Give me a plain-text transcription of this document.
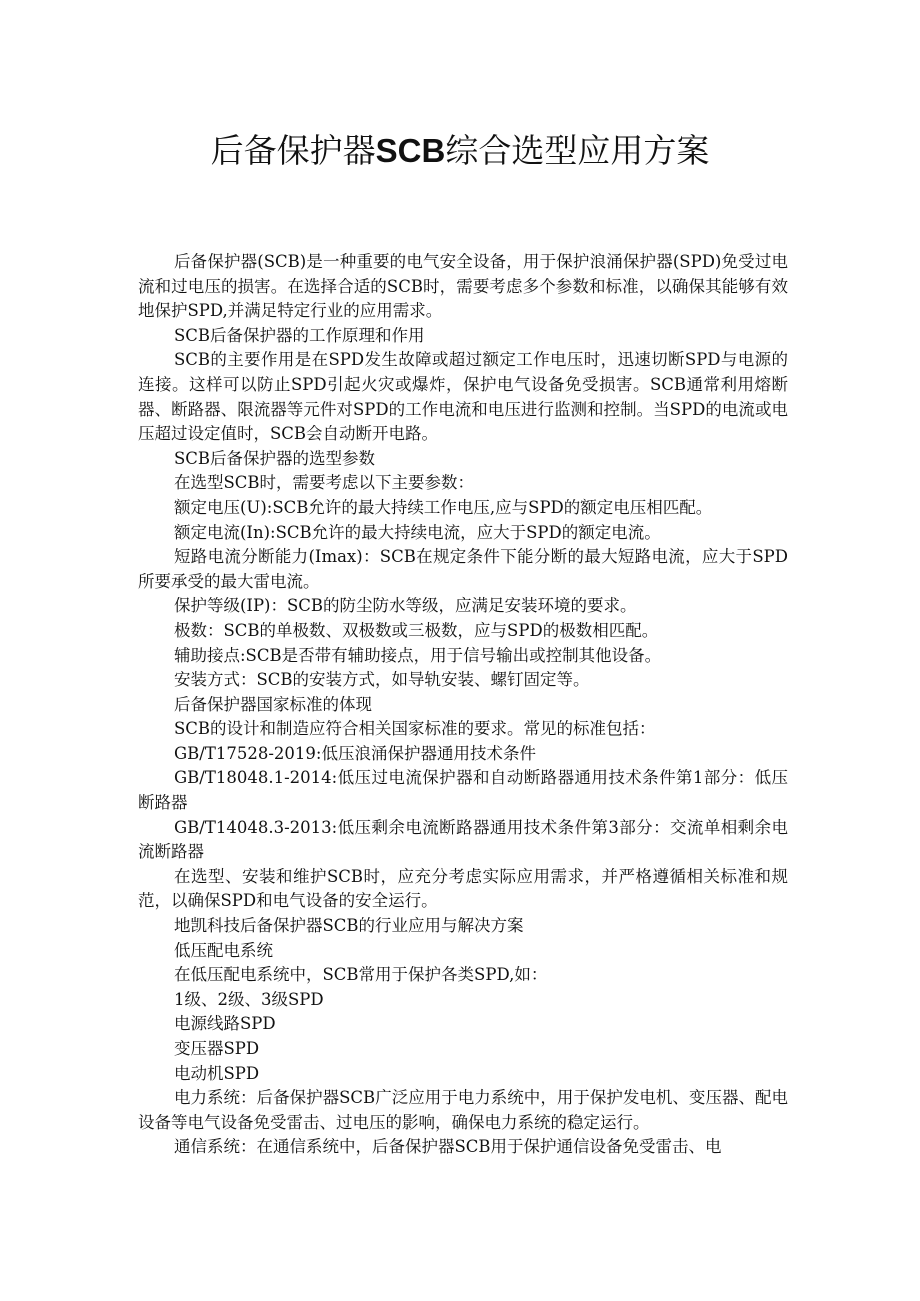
后备保护器SCB综合选型应用方案

后备保护器(SCB)是一种重要的电气安全设备，用于保护浪涌保护器(SPD)免受过电流和过电压的损害。在选择合适的SCB时，需要考虑多个参数和标准，以确保其能够有效地保护SPD,并满足特定行业的应用需求。

SCB后备保护器的工作原理和作用

SCB的主要作用是在SPD发生故障或超过额定工作电压时，迅速切断SPD与电源的连接。这样可以防止SPD引起火灾或爆炸，保护电气设备免受损害。SCB通常利用熔断器、断路器、限流器等元件对SPD的工作电流和电压进行监测和控制。当SPD的电流或电压超过设定值时，SCB会自动断开电路。

SCB后备保护器的选型参数

在选型SCB时，需要考虑以下主要参数：

额定电压(U):SCB允许的最大持续工作电压,应与SPD的额定电压相匹配。

额定电流(In):SCB允许的最大持续电流，应大于SPD的额定电流。

短路电流分断能力(Imax)：SCB在规定条件下能分断的最大短路电流，应大于SPD所要承受的最大雷电流。

保护等级(IP)：SCB的防尘防水等级，应满足安装环境的要求。

极数：SCB的单极数、双极数或三极数，应与SPD的极数相匹配。

辅助接点:SCB是否带有辅助接点，用于信号输出或控制其他设备。

安装方式：SCB的安装方式，如导轨安装、螺钉固定等。

后备保护器国家标准的体现

SCB的设计和制造应符合相关国家标准的要求。常见的标准包括：

GB/T17528-2019:低压浪涌保护器通用技术条件

GB/T18048.1-2014:低压过电流保护器和自动断路器通用技术条件第1部分：低压断路器

GB/T14048.3-2013:低压剩余电流断路器通用技术条件第3部分：交流单相剩余电流断路器

在选型、安装和维护SCB时，应充分考虑实际应用需求，并严格遵循相关标准和规范，以确保SPD和电气设备的安全运行。

地凯科技后备保护器SCB的行业应用与解决方案

低压配电系统

在低压配电系统中，SCB常用于保护各类SPD,如：

1级、2级、3级SPD

电源线路SPD

变压器SPD

电动机SPD

电力系统：后备保护器SCB广泛应用于电力系统中，用于保护发电机、变压器、配电设备等电气设备免受雷击、过电压的影响，确保电力系统的稳定运行。

通信系统：在通信系统中，后备保护器SCB用于保护通信设备免受雷击、电
